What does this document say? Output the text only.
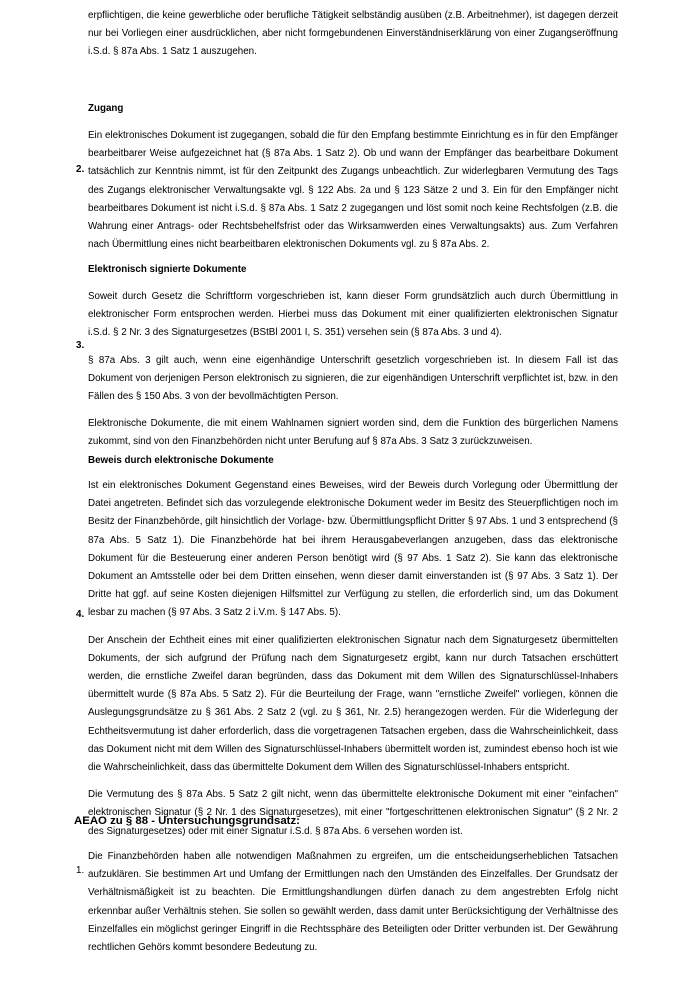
erpflichtigen, die keine gewerbliche oder berufliche Tätigkeit selbständig ausüben (z.B. Arbeitnehmer), ist dagegen derzeit nur bei Vorliegen einer ausdrücklichen, aber nicht formgebundenen Einverständniserklärung von einer Zugangseröffnung i.S.d. § 87a Abs. 1 Satz 1 auszugehen.

Zugang
2.

Ein elektronisches Dokument ist zugegangen, sobald die für den Empfang bestimmte Einrichtung es in für den Empfänger bearbeitbarer Weise aufgezeichnet hat (§ 87a Abs. 1 Satz 2). Ob und wann der Empfänger das bearbeitbare Dokument tatsächlich zur Kenntnis nimmt, ist für den Zeitpunkt des Zugangs unbeachtlich. Zur widerlegbaren Vermutung des Tags des Zugangs elektronischer Verwaltungsakte vgl. § 122 Abs. 2a und § 123 Sätze 2 und 3. Ein für den Empfänger nicht bearbeitbares Dokument ist nicht i.S.d. § 87a Abs. 1 Satz 2 zugegangen und löst somit noch keine Rechtsfolgen (z.B. die Wahrung einer Antrags- oder Rechtsbehelfsfrist oder das Wirksamwerden eines Verwaltungsakts) aus. Zum Verfahren nach Übermittlung eines nicht bearbeitbaren elektronischen Dokuments vgl. zu § 87a Abs. 2.

Elektronisch signierte Dokumente
3.

Soweit durch Gesetz die Schriftform vorgeschrieben ist, kann dieser Form grundsätzlich auch durch Übermittlung in elektronischer Form entsprochen werden. Hierbei muss das Dokument mit einer qualifizierten elektronischen Signatur i.S.d. § 2 Nr. 3 des Signaturgesetzes (BStBl 2001 I, S. 351) versehen sein (§ 87a Abs. 3 und 4).

§ 87a Abs. 3 gilt auch, wenn eine eigenhändige Unterschrift gesetzlich vorgeschrieben ist. In diesem Fall ist das Dokument von derjenigen Person elektronisch zu signieren, die zur eigenhändigen Unterschrift verpflichtet ist, bzw. in den Fällen des § 150 Abs. 3 von der bevollmächtigten Person.

Elektronische Dokumente, die mit einem Wahlnamen signiert worden sind, dem die Funktion des bürgerlichen Namens zukommt, sind von den Finanzbehörden nicht unter Berufung auf § 87a Abs. 3 Satz 3 zurückzuweisen.

Beweis durch elektronische Dokumente
4.

Ist ein elektronisches Dokument Gegenstand eines Beweises, wird der Beweis durch Vorlegung oder Übermittlung der Datei angetreten. Befindet sich das vorzulegende elektronische Dokument weder im Besitz des Steuerpflichtigen noch im Besitz der Finanzbehörde, gilt hinsichtlich der Vorlage- bzw. Übermittlungspflicht Dritter § 97 Abs. 1 und 3 entsprechend (§ 87a Abs. 5 Satz 1). Die Finanzbehörde hat bei ihrem Herausgabeverlangen anzugeben, dass das elektronische Dokument für die Besteuerung einer anderen Person benötigt wird (§ 97 Abs. 1 Satz 2). Sie kann das elektronische Dokument an Amtsstelle oder bei dem Dritten einsehen, wenn dieser damit einverstanden ist (§ 97 Abs. 3 Satz 1). Der Dritte hat ggf. auf seine Kosten diejenigen Hilfsmittel zur Verfügung zu stellen, die erforderlich sind, um das Dokument lesbar zu machen (§ 97 Abs. 3 Satz 2 i.V.m. § 147 Abs. 5).

Der Anschein der Echtheit eines mit einer qualifizierten elektronischen Signatur nach dem Signaturgesetz übermittelten Dokuments, der sich aufgrund der Prüfung nach dem Signaturgesetz ergibt, kann nur durch Tatsachen erschüttert werden, die ernstliche Zweifel daran begründen, dass das Dokument mit dem Willen des Signaturschlüssel-Inhabers übermittelt wurde (§ 87a Abs. 5 Satz 2). Für die Beurteilung der Frage, wann "ernstliche Zweifel" vorliegen, können die Auslegungsgrundsätze zu § 361 Abs. 2 Satz 2 (vgl. zu § 361, Nr. 2.5) herangezogen werden. Für die Widerlegung der Echtheitsvermutung ist daher erforderlich, dass die vorgetragenen Tatsachen ergeben, dass die Wahrscheinlichkeit, dass das Dokument nicht mit dem Willen des Signaturschlüssel-Inhabers übermittelt worden ist, zumindest ebenso hoch ist wie die Wahrscheinlichkeit, dass das übermittelte Dokument dem Willen des Signaturschlüssel-Inhabers entspricht.

Die Vermutung des § 87a Abs. 5 Satz 2 gilt nicht, wenn das übermittelte elektronische Dokument mit einer "einfachen" elektronischen Signatur (§ 2 Nr. 1 des Signaturgesetzes), mit einer "fortgeschrittenen elektronischen Signatur" (§ 2 Nr. 2 des Signaturgesetzes) oder mit einer Signatur i.S.d. § 87a Abs. 6 versehen worden ist.

AEAO zu § 88 - Untersuchungsgrundsatz:
1.

Die Finanzbehörden haben alle notwendigen Maßnahmen zu ergreifen, um die entscheidungserheblichen Tatsachen aufzuklären. Sie bestimmen Art und Umfang der Ermittlungen nach den Umständen des Einzelfalles. Der Grundsatz der Verhältnismäßigkeit ist zu beachten. Die Ermittlungshandlungen dürfen danach zu dem angestrebten Erfolg nicht erkennbar außer Verhältnis stehen. Sie sollen so gewählt werden, dass damit unter Berücksichtigung der Verhältnisse des Einzelfalles ein möglichst geringer Eingriff in die Rechtssphäre des Beteiligten oder Dritter verbunden ist. Der Gewährung rechtlichen Gehörs kommt besondere Bedeutung zu.
